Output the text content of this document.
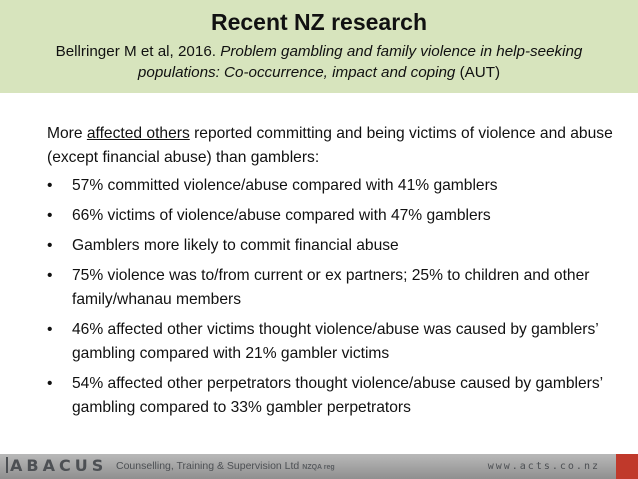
Recent NZ research
Bellringer M et al, 2016. Problem gambling and family violence in help-seeking populations: Co-occurrence, impact and coping (AUT)

More affected others reported committing and being victims of violence and abuse (except financial abuse) than gamblers:

• 57% committed violence/abuse compared with 41% gamblers
• 66% victims of violence/abuse compared with 47% gamblers
• Gamblers more likely to commit financial abuse
• 75% violence was to/from current or ex partners; 25% to children and other family/whanau members
• 46% affected other victims thought violence/abuse was caused by gamblers’ gambling compared with 21% gambler victims
• 54% affected other perpetrators thought violence/abuse caused by gamblers’ gambling compared to 33% gambler perpetrators
ABACUS Counselling, Training & Supervision Ltd NZQA reg	www.acts.co.nz
